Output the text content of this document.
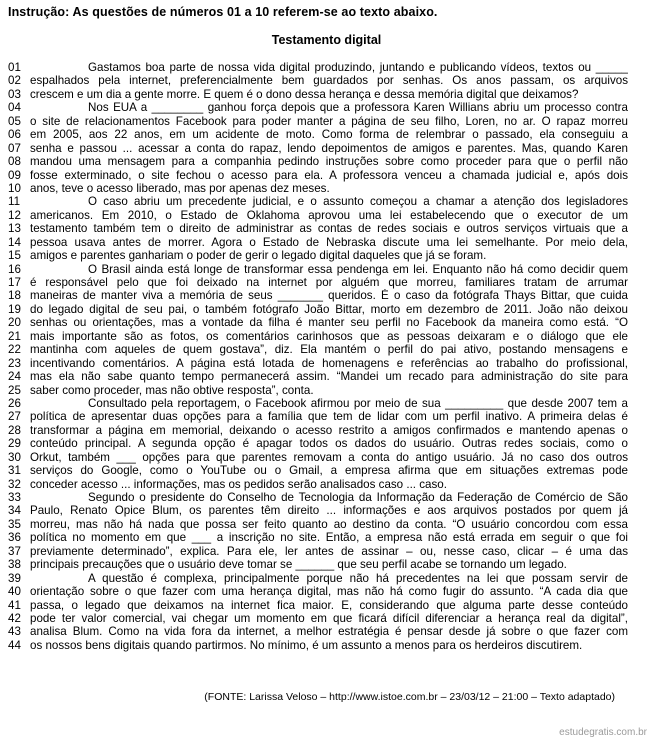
Instrução: As questões de números 01 a 10 referem-se ao texto abaixo.
Testamento digital
01	Gastamos boa parte de nossa vida digital produzindo, juntando e publicando vídeos, textos ou _____
02 espalhados pela internet, preferencialmente bem guardados por senhas. Os anos passam, os arquivos
03 crescem e um dia a gente morre. E quem é o dono dessa herança e dessa memória digital que deixamos?
04	Nos EUA a ________ ganhou força depois que a professora Karen Willians abriu um processo contra
05 o site de relacionamentos Facebook para poder manter a página de seu filho, Loren, no ar. O rapaz morreu
06 em 2005, aos 22 anos, em um acidente de moto. Como forma de relembrar o passado, ela conseguiu a
07 senha e passou ... acessar a conta do rapaz, lendo depoimentos de amigos e parentes. Mas, quando Karen
08 mandou uma mensagem para a companhia pedindo instruções sobre como proceder para que o perfil não
09 fosse exterminado, o site fechou o acesso para ela. A professora venceu a chamada judicial e, após dois
10 anos, teve o acesso liberado, mas por apenas dez meses.
11	O caso abriu um precedente judicial, e o assunto começou a chamar a atenção dos legisladores
12 americanos. Em 2010, o Estado de Oklahoma aprovou uma lei estabelecendo que o executor de um
13 testamento também tem o direito de administrar as contas de redes sociais e outros serviços virtuais que a
14 pessoa usava antes de morrer. Agora o Estado de Nebraska discute uma lei semelhante. Por meio dela,
15 amigos e parentes ganhariam o poder de gerir o legado digital daqueles que já se foram.
16	O Brasil ainda está longe de transformar essa pendenga em lei. Enquanto não há como decidir quem
17 é responsável pelo que foi deixado na internet por alguém que morreu, familiares tratam de arrumar
18 maneiras de manter viva a memória de seus _______ queridos. É o caso da fotógrafa Thays Bittar, que cuida
19 do legado digital de seu pai, o também fotógrafo João Bittar, morto em dezembro de 2011. João não deixou
20 senhas ou orientações, mas a vontade da filha é manter seu perfil no Facebook da maneira como está. “O
21 mais importante são as fotos, os comentários carinhosos que as pessoas deixaram e o diálogo que ele
22 mantinha com aqueles de quem gostava”, diz. Ela mantém o perfil do pai ativo, postando mensagens e
23 incentivando comentários. A página está lotada de homenagens e referências ao trabalho do profissional,
24 mas ela não sabe quanto tempo permanecerá assim. “Mandei um recado para administração do site para
25 saber como proceder, mas não obtive resposta”, conta.
26	Consultado pela reportagem, o Facebook afirmou por meio de sua _________ que desde 2007 tem a
27 política de apresentar duas opções para a família que tem de lidar com um perfil inativo. A primeira delas é
28 transformar a página em memorial, deixando o acesso restrito a amigos confirmados e mantendo apenas o
29 conteúdo principal. A segunda opção é apagar todos os dados do usuário. Outras redes sociais, como o
30 Orkut, também ___ opções para que parentes removam a conta do antigo usuário. Já no caso dos outros
31 serviços do Google, como o YouTube ou o Gmail, a empresa afirma que em situações extremas pode
32 conceder acesso ... informações, mas os pedidos serão analisados caso ... caso.
33	Segundo o presidente do Conselho de Tecnologia da Informação da Federação de Comércio de São
34 Paulo, Renato Opice Blum, os parentes têm direito ... informações e aos arquivos postados por quem já
35 morreu, mas não há nada que possa ser feito quanto ao destino da conta. “O usuário concordou com essa
36 política no momento em que ___ a inscrição no site. Então, a empresa não está errada em seguir o que foi
37 previamente determinado”, explica. Para ele, ler antes de assinar – ou, nesse caso, clicar – é uma das
38 principais precauções que o usuário deve tomar se ______ que seu perfil acabe se tornando um legado.
39	A questão é complexa, principalmente porque não há precedentes na lei que possam servir de
40 orientação sobre o que fazer com uma herança digital, mas não há como fugir do assunto. “A cada dia que
41 passa, o legado que deixamos na internet fica maior. E, considerando que alguma parte desse conteúdo
42 pode ter valor comercial, vai chegar um momento em que ficará difícil diferenciar a herança real da digital”,
43 analisa Blum. Como na vida fora da internet, a melhor estratégia é pensar desde já sobre o que fazer com
44 os nossos bens digitais quando partirmos. No mínimo, é um assunto a menos para os herdeiros discutirem.
(FONTE: Larissa Veloso – http://www.istoe.com.br – 23/03/12 – 21:00 – Texto adaptado)
estudegratis.com.br
